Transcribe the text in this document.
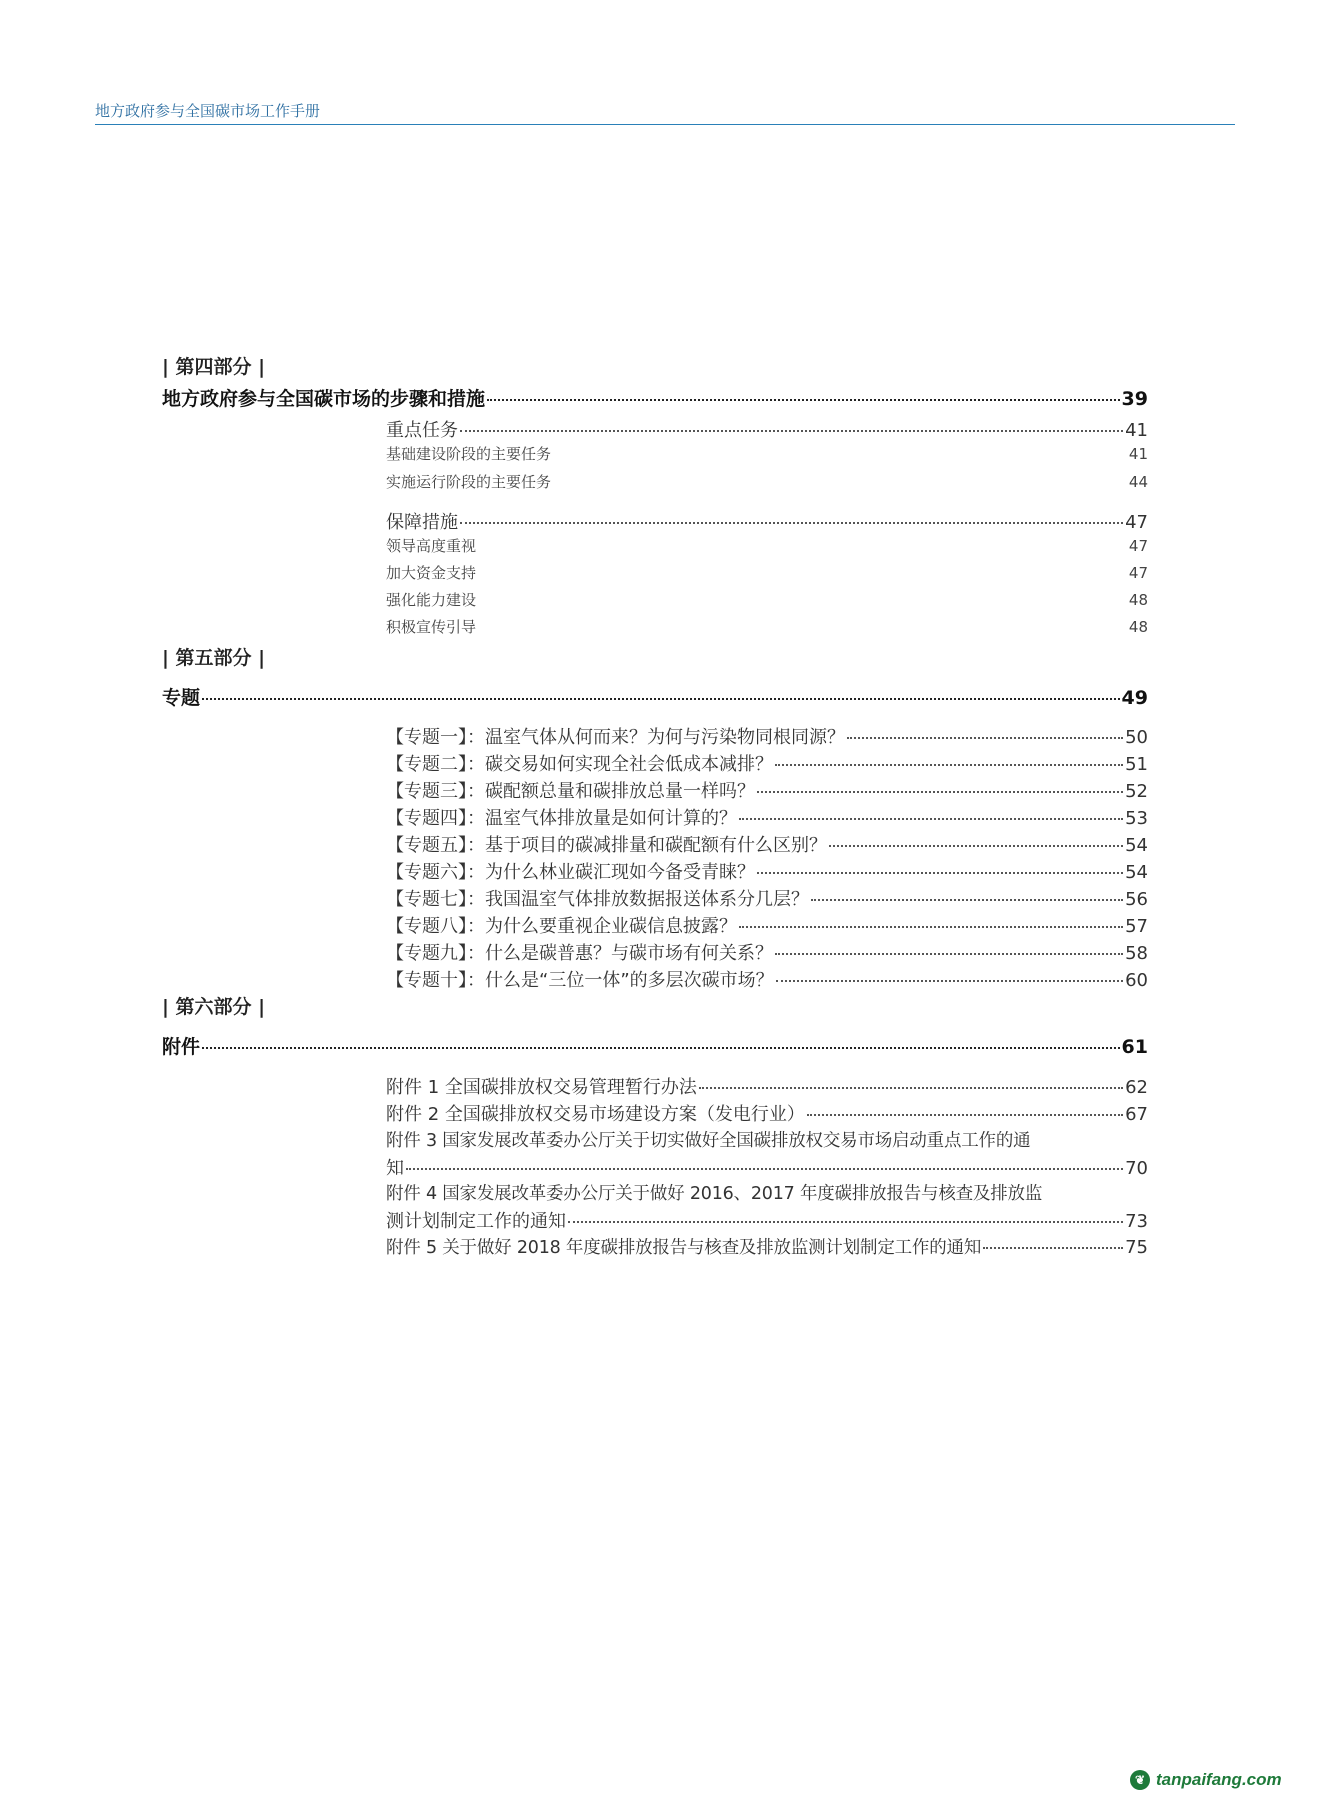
地方政府参与全国碳市场工作手册
| 第四部分 |
地方政府参与全国碳市场的步骤和措施	39
重点任务	41
基础建设阶段的主要任务	41
实施运行阶段的主要任务	44
保障措施	47
领导高度重视	47
加大资金支持	47
强化能力建设	48
积极宣传引导	48
| 第五部分 |
专题	49
【专题一】：温室气体从何而来？为何与污染物同根同源？	50
【专题二】：碳交易如何实现全社会低成本减排？	51
【专题三】：碳配额总量和碳排放总量一样吗？	52
【专题四】：温室气体排放量是如何计算的？	53
【专题五】：基于项目的碳减排量和碳配额有什么区别？	54
【专题六】：为什么林业碳汇现如今备受青睐？	54
【专题七】：我国温室气体排放数据报送体系分几层？	56
【专题八】：为什么要重视企业碳信息披露？	57
【专题九】：什么是碳普惠？与碳市场有何关系？	58
【专题十】：什么是“三位一体”的多层次碳市场？	60
| 第六部分 |
附件	61
附件 1 全国碳排放权交易管理暂行办法	62
附件 2 全国碳排放权交易市场建设方案（发电行业）	67
附件 3 国家发展改革委办公厅关于切实做好全国碳排放权交易市场启动重点工作的通
知	70
附件 4 国家发展改革委办公厅关于做好 2016、2017 年度碳排放报告与核查及排放监
测计划制定工作的通知	73
附件 5 关于做好 2018 年度碳排放报告与核查及排放监测计划制定工作的通知	75
❦ tanpaifang.com
